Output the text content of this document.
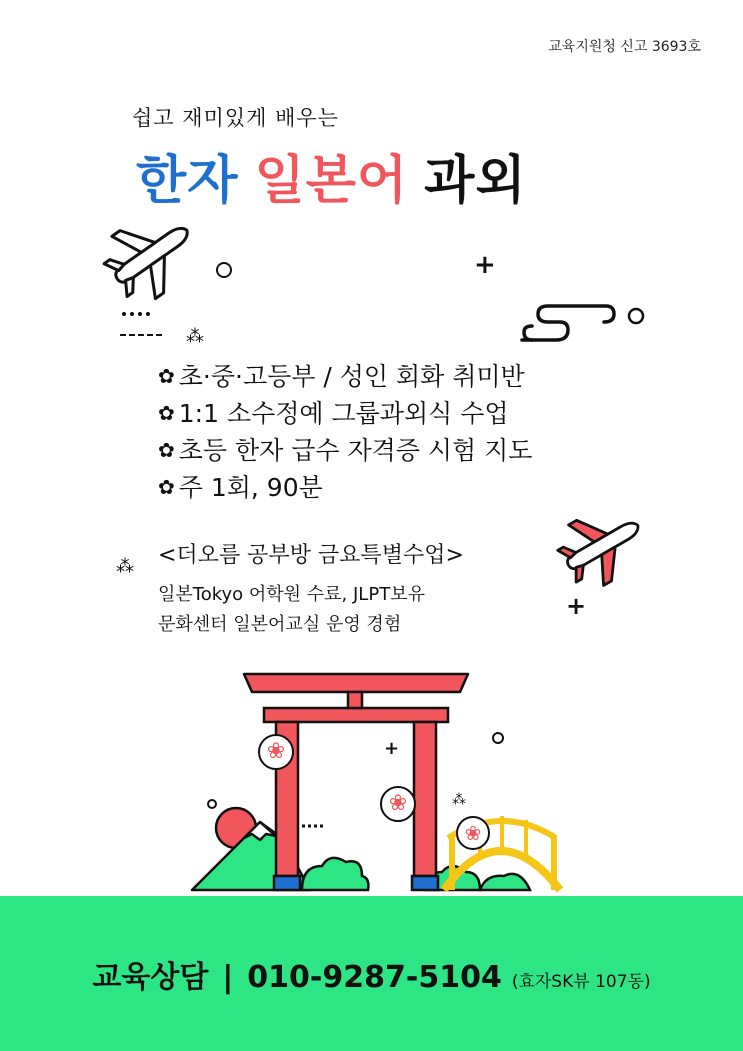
교육지원청 신고 3693호
쉽고 재미있게 배우는
한자 일본어 과외
⁂
+
+
⁂
✿ 초·중·고등부 / 성인 회화 취미반
✿ 1:1 소수정예 그룹과외식 수업
✿ 초등 한자 급수 자격증 시험 지도
✿ 주 1회, 90분
<더오름 공부방 금요특별수업>
일본Tokyo 어학원 수료, JLPT보유
문화센터 일본어교실 운영 경험
+
⁂
❀
❀
❀
교육상담 | 010-9287-5104 (효자SK뷰 107동)
